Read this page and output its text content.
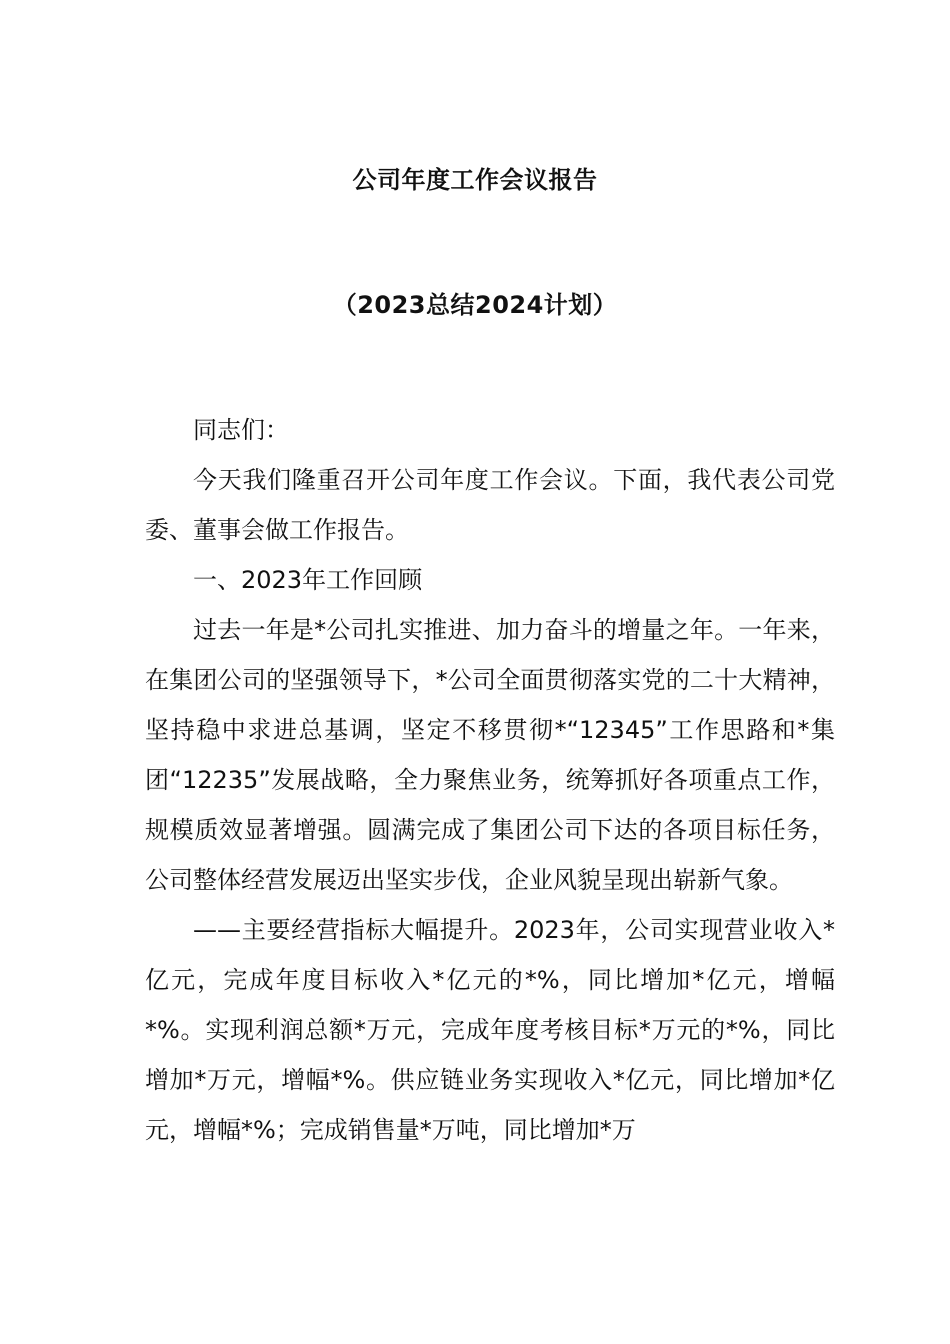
公司年度工作会议报告
（2023总结2024计划）

同志们：

今天我们隆重召开公司年度工作会议。下面，我代表公司党委、董事会做工作报告。

一、2023年工作回顾

过去一年是*公司扎实推进、加力奋斗的增量之年。一年来，在集团公司的坚强领导下，*公司全面贯彻落实党的二十大精神，坚持稳中求进总基调，坚定不移贯彻*“12345”工作思路和*集团“12235”发展战略，全力聚焦业务，统筹抓好各项重点工作，规模质效显著增强。圆满完成了集团公司下达的各项目标任务，公司整体经营发展迈出坚实步伐，企业风貌呈现出崭新气象。

——主要经营指标大幅提升。2023年，公司实现营业收入*亿元，完成年度目标收入*亿元的*%，同比增加*亿元，增幅*%。实现利润总额*万元，完成年度考核目标*万元的*%，同比增加*万元，增幅*%。供应链业务实现收入*亿元，同比增加*亿元，增幅*%；完成销售量*万吨，同比增加*万
